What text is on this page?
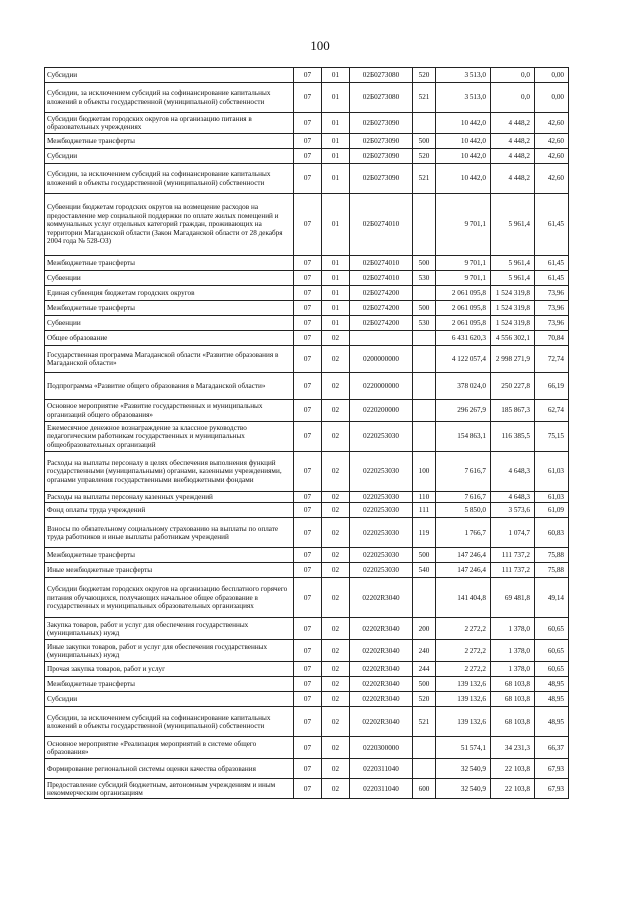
100
Субсидии	07	01	02Б0273080	520	3 513,0	0,0	0,00
Субсидии, за исключением субсидий на софинансирование капитальных вложений в объекты государственной (муниципальной) собственности	07	01	02Б0273080	521	3 513,0	0,0	0,00
Субсидии бюджетам городских округов на организацию питания в образовательных учреждениях	07	01	02Б0273090		10 442,0	4 448,2	42,60
Межбюджетные трансферты	07	01	02Б0273090	500	10 442,0	4 448,2	42,60
Субсидии	07	01	02Б0273090	520	10 442,0	4 448,2	42,60
Субсидии, за исключением субсидий на софинансирование капитальных вложений в объекты государственной (муниципальной) собственности	07	01	02Б0273090	521	10 442,0	4 448,2	42,60
Субвенции бюджетам городских округов на возмещение расходов на предоставление мер социальной поддержки по оплате жилых помещений и коммунальных услуг отдельных категорий граждан, проживающих на территории Магаданской области (Закон Магаданской области от 28 декабря 2004 года № 528-ОЗ)	07	01	02Б0274010		9 701,1	5 961,4	61,45
Межбюджетные трансферты	07	01	02Б0274010	500	9 701,1	5 961,4	61,45
Субвенции	07	01	02Б0274010	530	9 701,1	5 961,4	61,45
Единая субвенция бюджетам городских округов	07	01	02Б0274200		2 061 095,8	1 524 319,8	73,96
Межбюджетные трансферты	07	01	02Б0274200	500	2 061 095,8	1 524 319,8	73,96
Субвенции	07	01	02Б0274200	530	2 061 095,8	1 524 319,8	73,96
Общее образование	07	02			6 431 620,3	4 556 302,1	70,84
Государственная программа Магаданской области «Развитие образования в Магаданской области»	07	02	0200000000		4 122 057,4	2 998 271,9	72,74
Подпрограмма «Развитие общего образования в Магаданской области»	07	02	0220000000		378 024,0	250 227,8	66,19
Основное мероприятие «Развитие государственных и муниципальных организаций общего образования»	07	02	0220200000		296 267,9	185 867,3	62,74
Ежемесячное денежное вознаграждение за классное руководство педагогическим работникам государственных и муниципальных общеобразовательных организаций	07	02	0220253030		154 863,1	116 385,5	75,15
Расходы на выплаты персоналу в целях обеспечения выполнения функций государственными (муниципальными) органами, казенными учреждениями, органами управления государственными внебюджетными фондами	07	02	0220253030	100	7 616,7	4 648,3	61,03
Расходы на выплаты персоналу казенных учреждений	07	02	0220253030	110	7 616,7	4 648,3	61,03
Фонд оплаты труда учреждений	07	02	0220253030	111	5 850,0	3 573,6	61,09
Взносы по обязательному социальному страхованию на выплаты по оплате труда работников и иные выплаты работникам учреждений	07	02	0220253030	119	1 766,7	1 074,7	60,83
Межбюджетные трансферты	07	02	0220253030	500	147 246,4	111 737,2	75,88
Иные межбюджетные трансферты	07	02	0220253030	540	147 246,4	111 737,2	75,88
Субсидии бюджетам городских округов на организацию бесплатного горячего питания обучающихся, получающих начальное общее образование в государственных и муниципальных образовательных организациях	07	02	02202R3040		141 404,8	69 481,8	49,14
Закупка товаров, работ и услуг для обеспечения государственных (муниципальных) нужд	07	02	02202R3040	200	2 272,2	1 378,0	60,65
Иные закупки товаров, работ и услуг для обеспечения государственных (муниципальных) нужд	07	02	02202R3040	240	2 272,2	1 378,0	60,65
Прочая закупка товаров, работ и услуг	07	02	02202R3040	244	2 272,2	1 378,0	60,65
Межбюджетные трансферты	07	02	02202R3040	500	139 132,6	68 103,8	48,95
Субсидии	07	02	02202R3040	520	139 132,6	68 103,8	48,95
Субсидии, за исключением субсидий на софинансирование капитальных вложений в объекты государственной (муниципальной) собственности	07	02	02202R3040	521	139 132,6	68 103,8	48,95
Основное мероприятие «Реализация мероприятий в системе общего образования»	07	02	0220300000		51 574,1	34 231,3	66,37
Формирование региональной системы оценки качества образования	07	02	0220311040		32 540,9	22 103,8	67,93
Предоставление субсидий бюджетным, автономным учреждениям и иным некоммерческим организациям	07	02	0220311040	600	32 540,9	22 103,8	67,93
